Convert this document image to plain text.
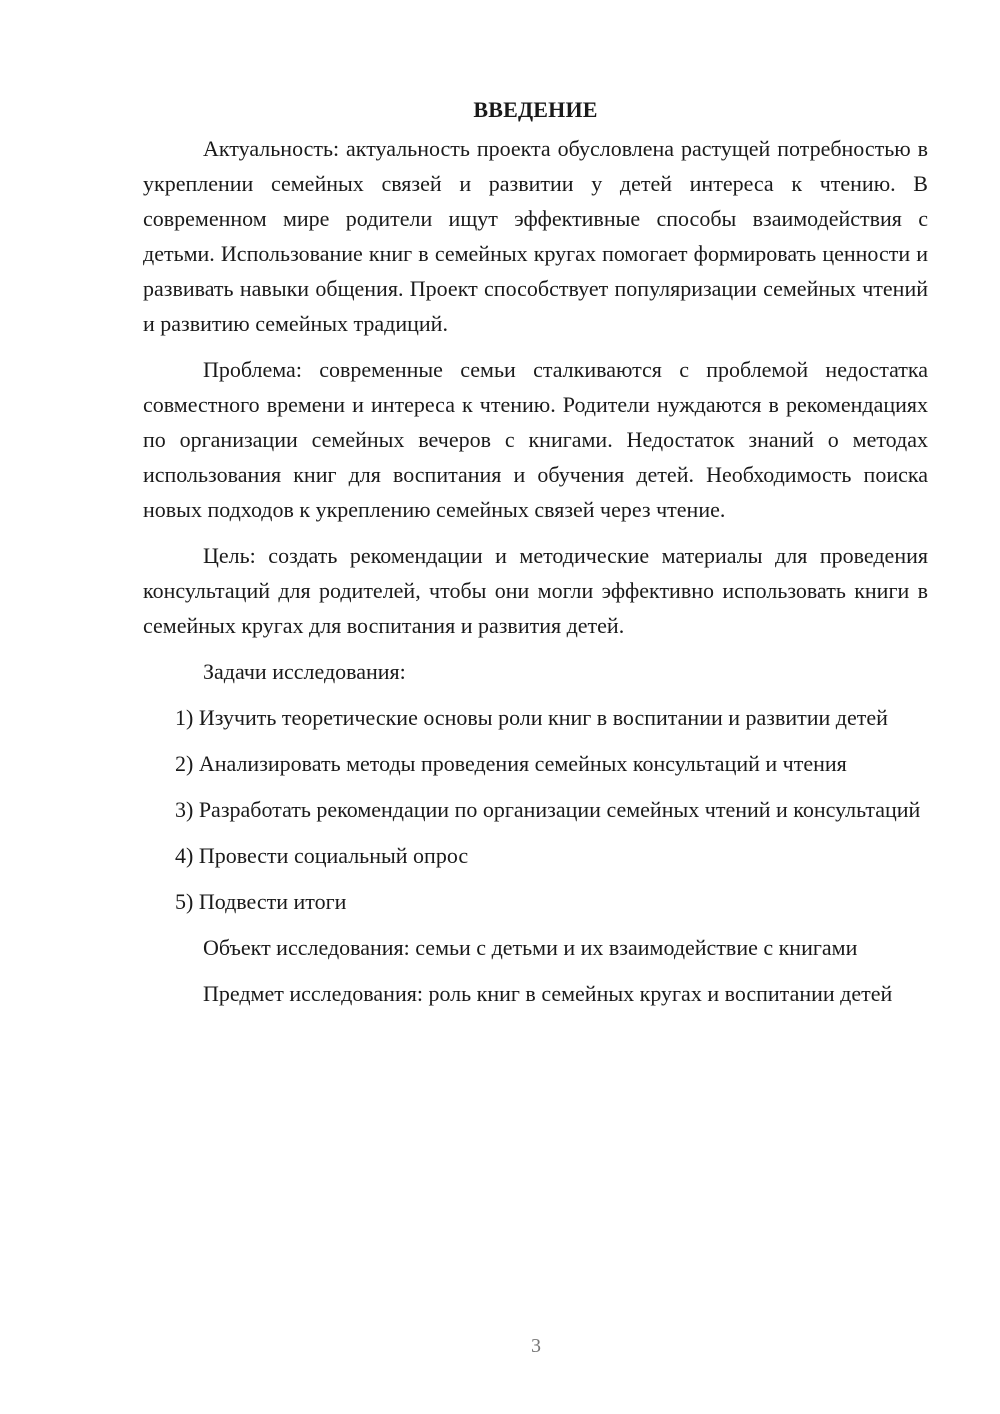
ВВЕДЕНИЕ

Актуальность: актуальность проекта обусловлена растущей потребностью в укреплении семейных связей и развитии у детей интереса к чтению. В современном мире родители ищут эффективные способы взаимодействия с детьми. Использование книг в семейных кругах помогает формировать ценности и развивать навыки общения. Проект способствует популяризации семейных чтений и развитию семейных традиций.

Проблема: современные семьи сталкиваются с проблемой недостатка совместного времени и интереса к чтению. Родители нуждаются в рекомендациях по организации семейных вечеров с книгами. Недостаток знаний о методах использования книг для воспитания и обучения детей. Необходимость поиска новых подходов к укреплению семейных связей через чтение.

Цель: создать рекомендации и методические материалы для проведения консультаций для родителей, чтобы они могли эффективно использовать книги в семейных кругах для воспитания и развития детей.

Задачи исследования:

1) Изучить теоретические основы роли книг в воспитании и развитии детей

2) Анализировать методы проведения семейных консультаций и чтения

3) Разработать рекомендации по организации семейных чтений и консультаций

4) Провести социальный опрос

5) Подвести итоги

Объект исследования: семьи с детьми и их взаимодействие с книгами

Предмет исследования: роль книг в семейных кругах и воспитании детей

3
